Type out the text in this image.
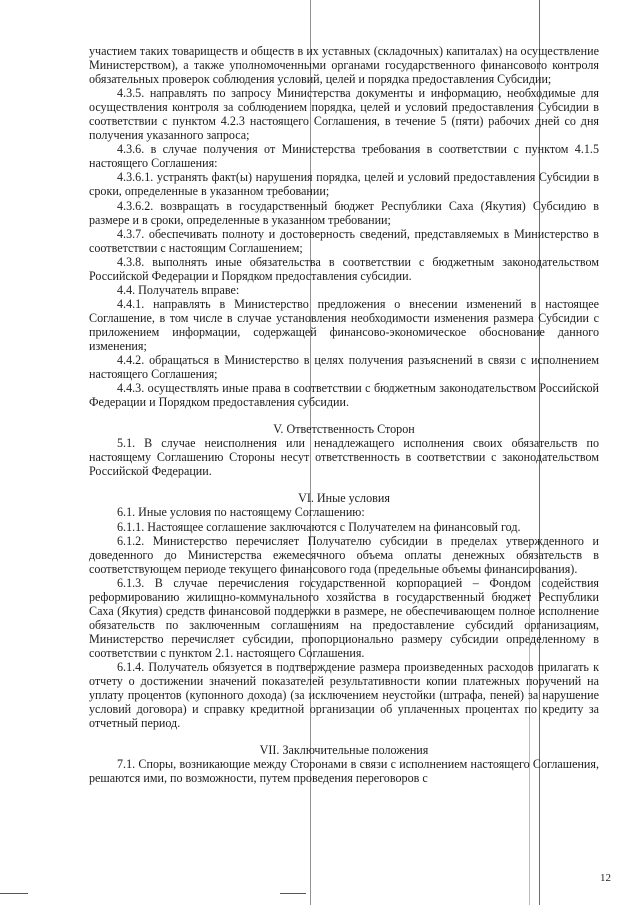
участием таких товариществ и обществ в их уставных (складочных) капиталах) на осуществление Министерством), а также уполномоченными органами государственного финансового контроля обязательных проверок соблюдения условий, целей и порядка предоставления Субсидии;

4.3.5. направлять по запросу Министерства документы и информацию, необходимые для осуществления контроля за соблюдением порядка, целей и условий предоставления Субсидии в соответствии с пунктом 4.2.3 настоящего Соглашения, в течение 5 (пяти) рабочих дней со дня получения указанного запроса;

4.3.6. в случае получения от Министерства требования в соответствии с пунктом 4.1.5 настоящего Соглашения:

4.3.6.1. устранять факт(ы) нарушения порядка, целей и условий предоставления Субсидии в сроки, определенные в указанном требовании;

4.3.6.2. возвращать в государственный бюджет Республики Саха (Якутия) Субсидию в размере и в сроки, определенные в указанном требовании;

4.3.7. обеспечивать полноту и достоверность сведений, представляемых в Министерство в соответствии с настоящим Соглашением;

4.3.8. выполнять иные обязательства в соответствии с бюджетным законодательством Российской Федерации и Порядком предоставления субсидии.

4.4. Получатель вправе:

4.4.1. направлять в Министерство предложения о внесении изменений в настоящее Соглашение, в том числе в случае установления необходимости изменения размера Субсидии с приложением информации, содержащей финансово-экономическое обоснование данного изменения;

4.4.2. обращаться в Министерство в целях получения разъяснений в связи с исполнением настоящего Соглашения;

4.4.3. осуществлять иные права в соответствии с бюджетным законодательством Российской Федерации и Порядком предоставления субсидии.

V. Ответственность Сторон

5.1. В случае неисполнения или ненадлежащего исполнения своих обязательств по настоящему Соглашению Стороны несут ответственность в соответствии с законодательством Российской Федерации.

VI. Иные условия

6.1. Иные условия по настоящему Соглашению:

6.1.1. Настоящее соглашение заключаются с Получателем на финансовый год.

6.1.2. Министерство перечисляет Получателю субсидии в пределах утвержденного и доведенного до Министерства ежемесячного объема оплаты денежных обязательств в соответствующем периоде текущего финансового года (предельные объемы финансирования).

6.1.3. В случае перечисления государственной корпорацией – Фондом содействия реформированию жилищно-коммунального хозяйства в государственный бюджет Республики Саха (Якутия) средств финансовой поддержки в размере, не обеспечивающем полное исполнение обязательств по заключенным соглашениям на предоставление субсидий организациям, Министерство перечисляет субсидии, пропорционально размеру субсидии определенному в соответствии с пунктом 2.1. настоящего Соглашения.

6.1.4. Получатель обязуется в подтверждение размера произведенных расходов прилагать к отчету о достижении значений показателей результативности копии платежных поручений на уплату процентов (купонного дохода) (за исключением неустойки (штрафа, пеней) за нарушение условий договора) и справку кредитной организации об уплаченных процентах по кредиту за отчетный период.

VII. Заключительные положения

7.1. Споры, возникающие между Сторонами в связи с исполнением настоящего Соглашения, решаются ими, по возможности, путем проведения переговоров с

12
